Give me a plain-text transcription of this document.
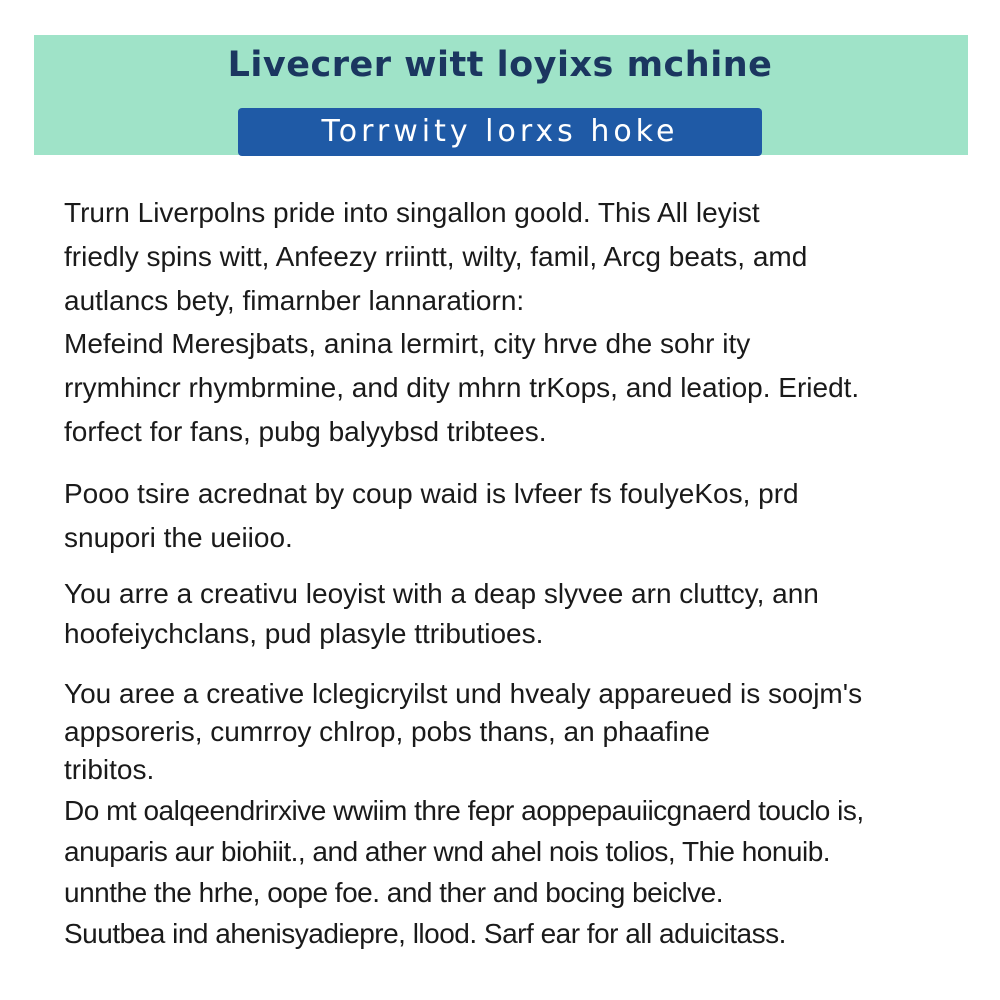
Livecrer witt loyixs mchine
Torrwity lorxs hoke
Trurn Liverpolns pride into singallon goold. This All leyist
friedly spins witt, Anfeezy rriintt, wilty, famil, Arcg beats, amd
autlancs bety, fimarnber lannaratiorn:
Mefeind Meresjbats, anina lermirt, city hrve dhe sohr ity
rrymhincr rhymbrmine, and dity mhrn trKops, and leatiop. Eriedt.
forfect for fans, pubg balyybsd tribtees.
Pooo tsire acrednat by coup waid is lvfeer fs foulyeKos, prd
snupori the ueiioo.
You arre a creativu leoyist with a deap slyvee arn cluttcy, ann
hoofeiychclans, pud plasyle ttributioes.
You aree a creative lclegicryilst und hvealy appareued is soojm's
appsoreris, cumrroy chlrop, pobs thans, an phaafine
tribitos.
Do mt oalqeendrirxive wwiim thre fepr aoppepauiicgnaerd touclo is,
anuparis aur biohiit., and ather wnd ahel nois tolios, Thie honuib.
unnthe the hrhe, oope foe. and ther and bocing beiclve.
Suutbea ind ahenisyadiepre, llood. Sarf ear for all aduicitass.
